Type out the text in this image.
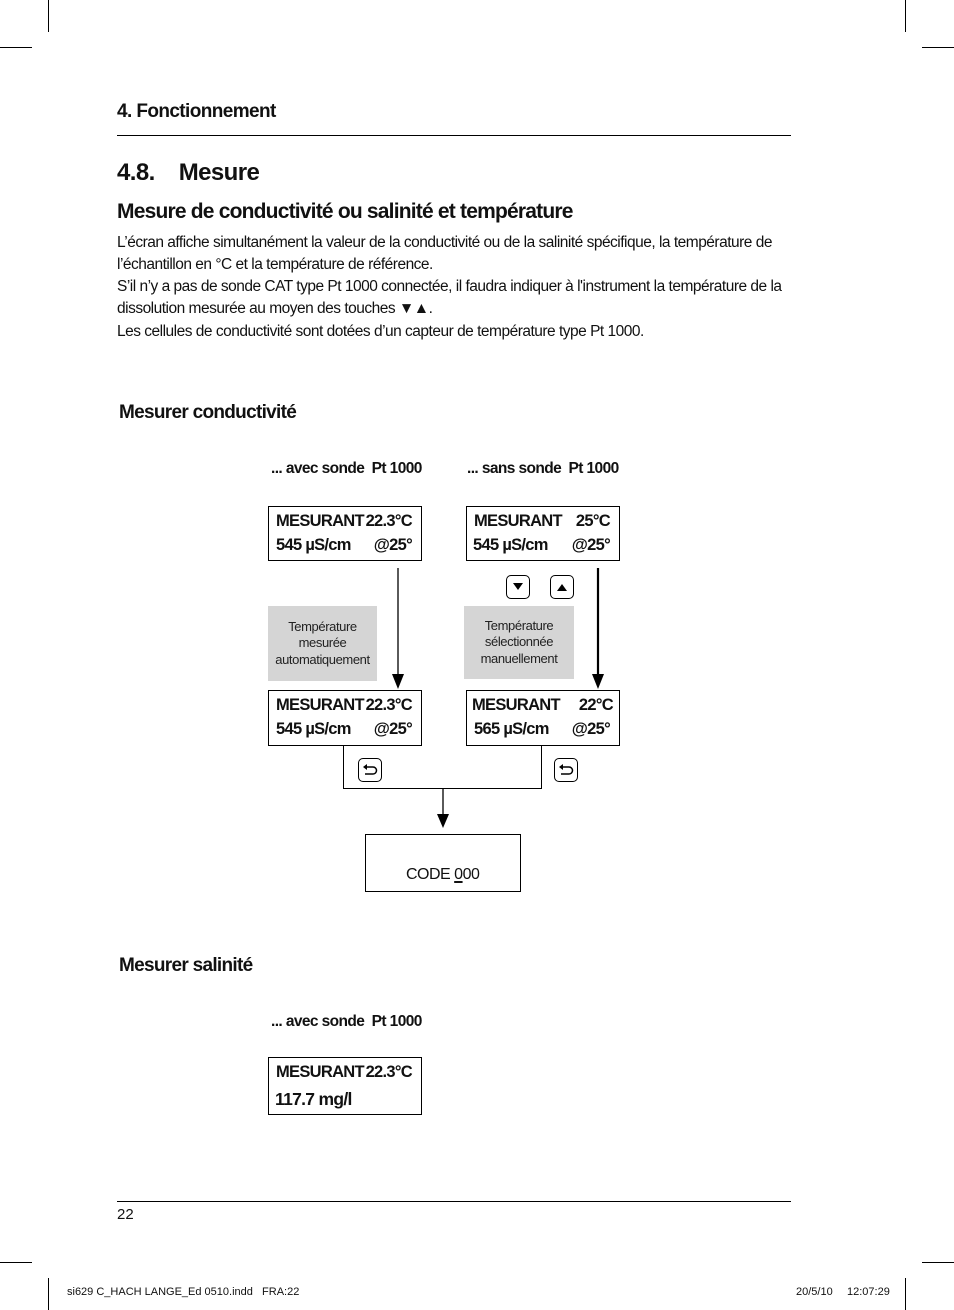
4. Fonctionnement
4.8.  Mesure
Mesure de conductivité ou salinité et température
L’écran affiche simultanément la valeur de la conductivité ou de la salinité spécifique, la température de l’échantillon en °C et la température de référence.
S’il n’y a pas de sonde CAT type Pt 1000 connectée, il faudra indiquer à l'instrument la température de la dissolution mesurée au moyen des touches ▼▲.
Les cellules de conductivité sont dotées d’un capteur de température type Pt 1000.
Mesurer conductivité
... avec sonde  Pt 1000	... sans sonde  Pt 1000
MESURANT 22.3°C
545 µS/cm @25°
MESURANT 25°C
545 µS/cm @25°
Température
mesurée
automatiquement
Température
sélectionnée
manuellement
MESURANT 22.3°C
545 µS/cm @25°
MESURANT 22°C
565 µS/cm @25°
CODE 000
Mesurer salinité
... avec sonde  Pt 1000
MESURANT 22.3°C
117.7 mg/l
22
si629 C_HACH LANGE_Ed 0510.indd   FRA:22	20/5/10 12:07:29
